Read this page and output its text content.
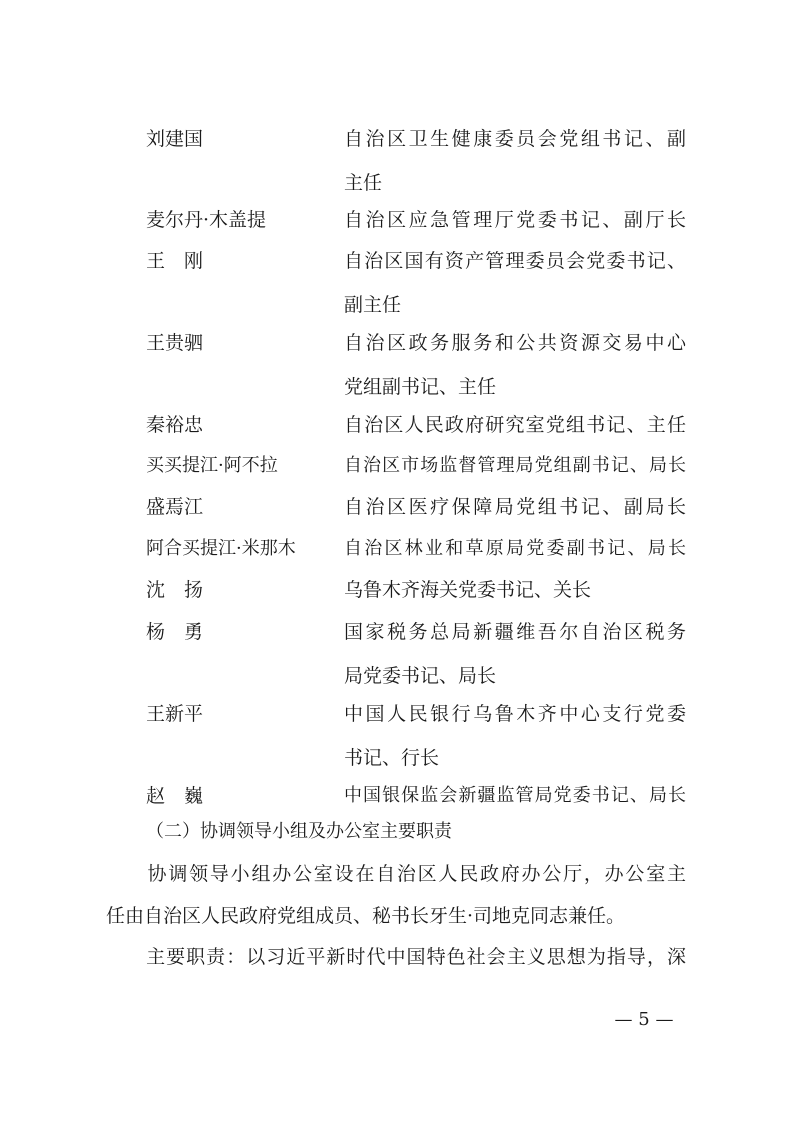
刘建国	自治区卫生健康委员会党组书记、副
主任
麦尔丹·木盖提	自治区应急管理厅党委书记、副厅长
王　刚	自治区国有资产管理委员会党委书记、
副主任
王贵驷	自治区政务服务和公共资源交易中心
党组副书记、主任
秦裕忠	自治区人民政府研究室党组书记、主任
买买提江·阿不拉	自治区市场监督管理局党组副书记、局长
盛焉江	自治区医疗保障局党组书记、副局长
阿合买提江·米那木	自治区林业和草原局党委副书记、局长
沈　扬	乌鲁木齐海关党委书记、关长
杨　勇	国家税务总局新疆维吾尔自治区税务
局党委书记、局长
王新平	中国人民银行乌鲁木齐中心支行党委
书记、行长
赵　巍	中国银保监会新疆监管局党委书记、局长
（二）协调领导小组及办公室主要职责
　　协调领导小组办公室设在自治区人民政府办公厅，办公室主
任由自治区人民政府党组成员、秘书长牙生·司地克同志兼任。
　　主要职责：以习近平新时代中国特色社会主义思想为指导，深
— 5 —
